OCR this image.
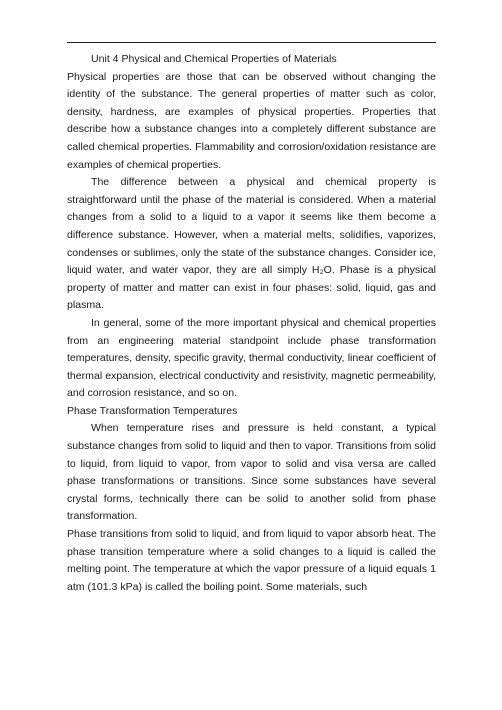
Unit 4 Physical and Chemical Properties of Materials

Physical properties are those that can be observed without changing the identity of the substance. The general properties of matter such as color, density, hardness, are examples of physical properties. Properties that describe how a substance changes into a completely different substance are called chemical properties. Flammability and corrosion/oxidation resistance are examples of chemical properties.

The difference between a physical and chemical property is straightforward until the phase of the material is considered. When a material changes from a solid to a liquid to a vapor it seems like them become a difference substance. However, when a material melts, solidifies, vaporizes, condenses or sublimes, only the state of the substance changes. Consider ice, liquid water, and water vapor, they are all simply H₂O. Phase is a physical property of matter and matter can exist in four phases: solid, liquid, gas and plasma.

In general, some of the more important physical and chemical properties from an engineering material standpoint include phase transformation temperatures, density, specific gravity, thermal conductivity, linear coefficient of thermal expansion, electrical conductivity and resistivity, magnetic permeability, and corrosion resistance, and so on.

Phase Transformation Temperatures

When temperature rises and pressure is held constant, a typical substance changes from solid to liquid and then to vapor. Transitions from solid to liquid, from liquid to vapor, from vapor to solid and visa versa are called phase transformations or transitions. Since some substances have several crystal forms, technically there can be solid to another solid from phase transformation.

Phase transitions from solid to liquid, and from liquid to vapor absorb heat. The phase transition temperature where a solid changes to a liquid is called the melting point. The temperature at which the vapor pressure of a liquid equals 1 atm (101.3 kPa) is called the boiling point. Some materials, such
